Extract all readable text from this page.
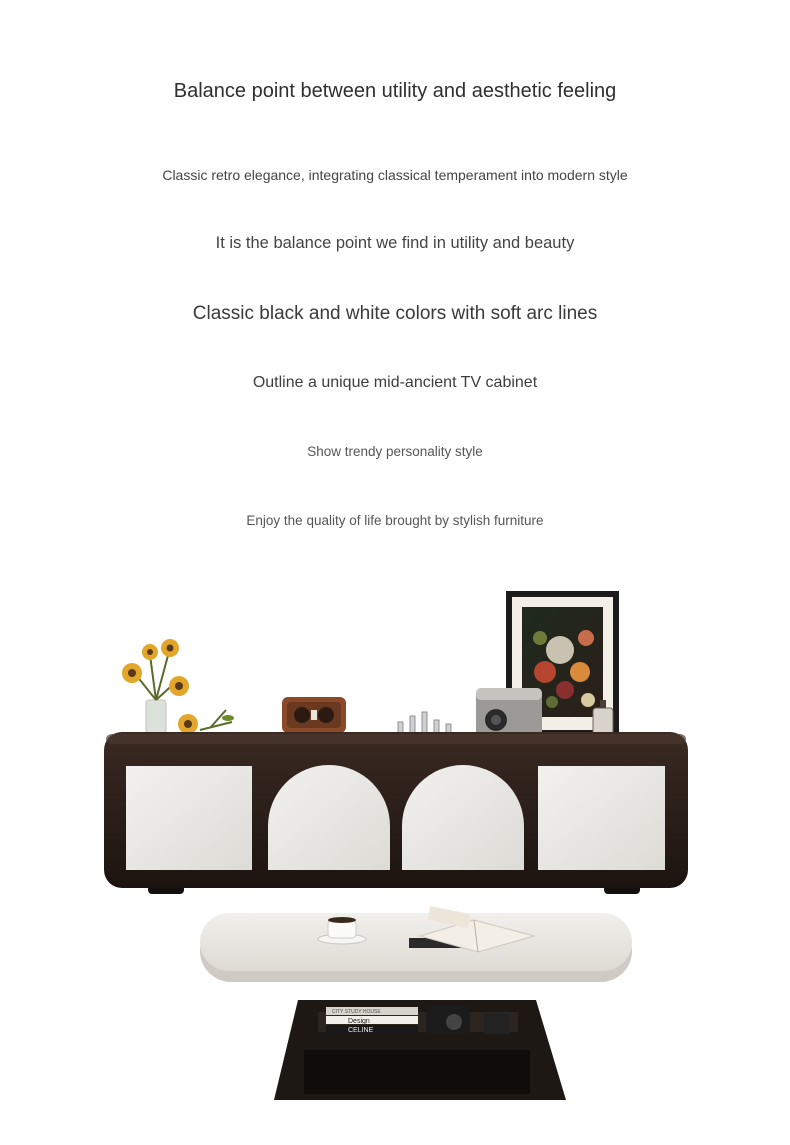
Balance point between utility and aesthetic feeling
Classic retro elegance, integrating classical temperament into modern style
It is the balance point we find in utility and beauty
Classic black and white colors with soft arc lines
Outline a unique mid-ancient TV cabinet
Show trendy personality style
Enjoy the quality of life brought by stylish furniture
CITY STUDY HOUSE
Design
CELINE
